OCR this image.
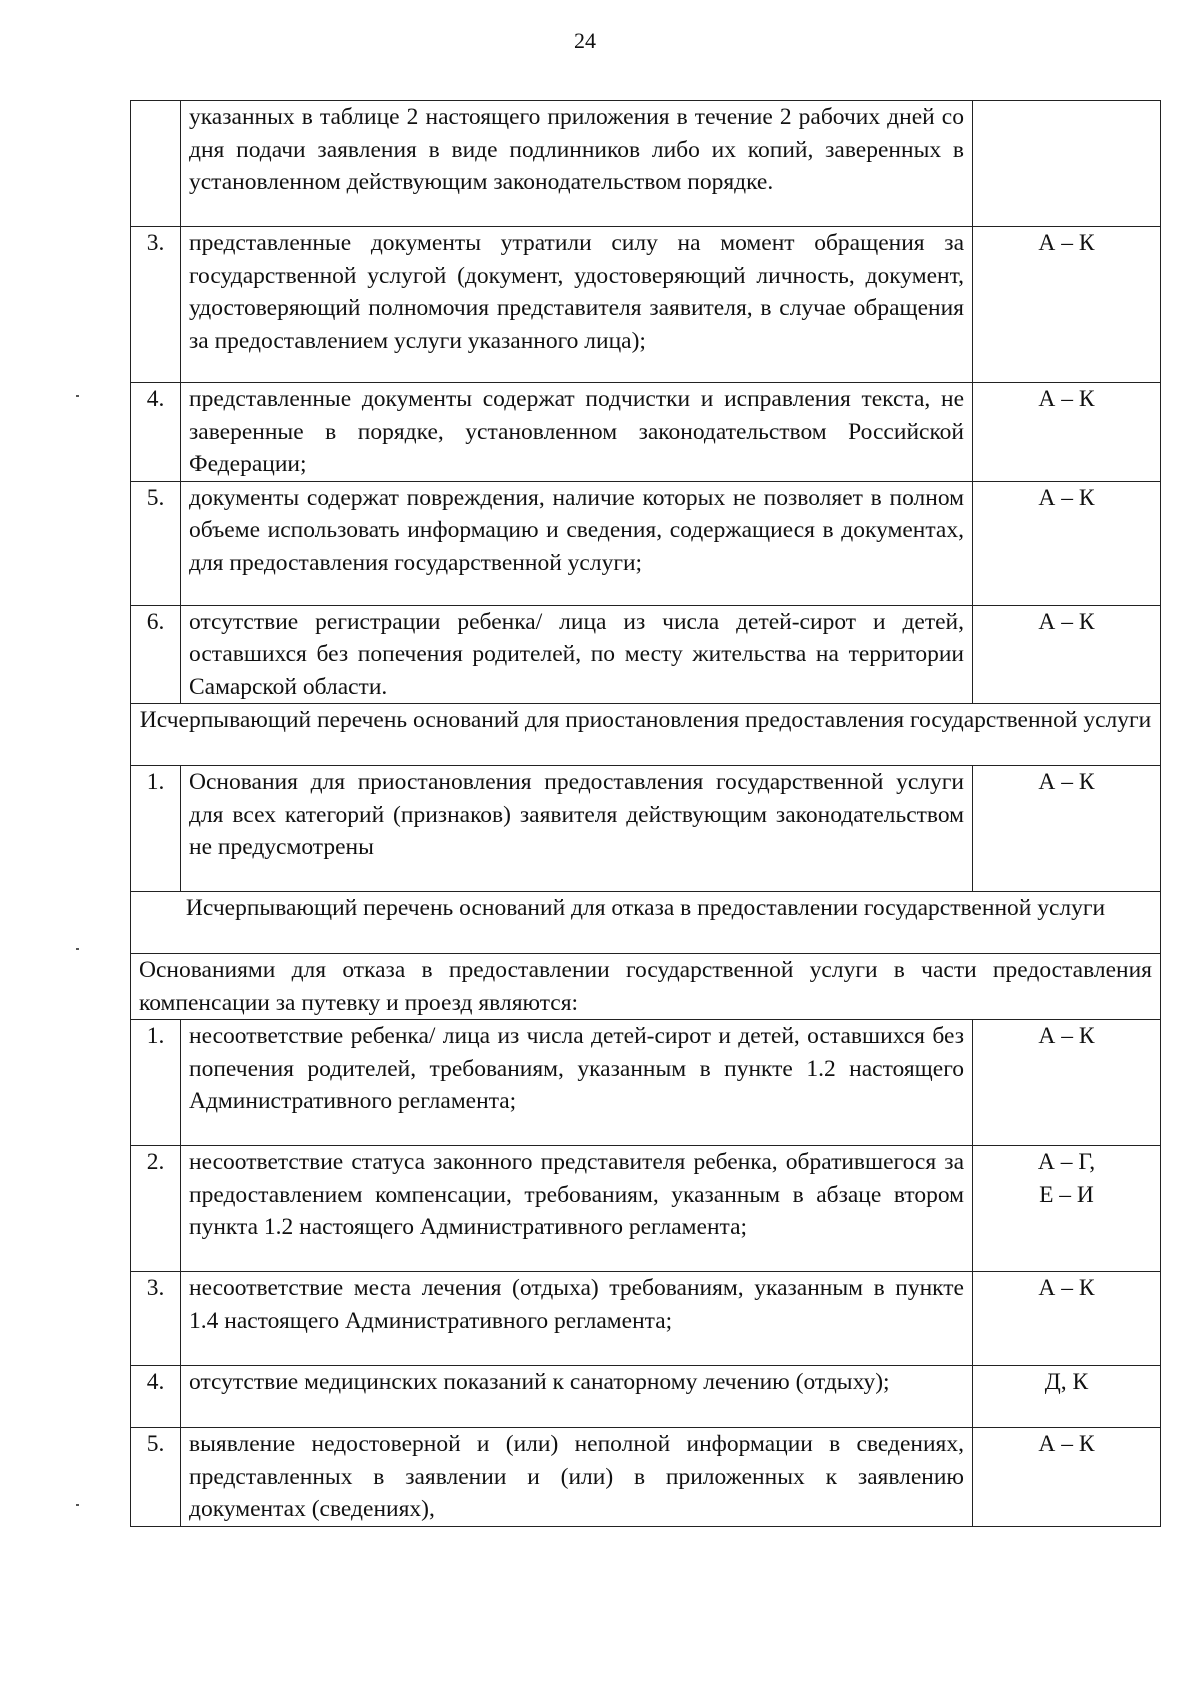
24
	указанных в таблице 2 настоящего приложения в течение 2 рабочих дней со дня подачи заявления в виде подлинников либо их копий, заверенных в установленном действующим законодательством порядке.	
3.	представленные документы утратили силу на момент обращения за государственной услугой (документ, удостоверяющий личность, документ, удостоверяющий полномочия представителя заявителя, в случае обращения за предоставлением услуги указанного лица);	А – К
4.	представленные документы содержат подчистки и исправления текста, не заверенные в порядке, установленном законодательством Российской Федерации;	А – К
5.	документы содержат повреждения, наличие которых не позволяет в полном объеме использовать информацию и сведения, содержащиеся в документах, для предоставления государственной услуги;	А – К
6.	отсутствие регистрации ребенка/ лица из числа детей-сирот и детей, оставшихся без попечения родителей, по месту жительства на территории Самарской области.	А – К
Исчерпывающий перечень оснований для приостановления предоставления государственной услуги		
1.	Основания для приостановления предоставления государственной услуги для всех категорий (признаков) заявителя действующим законодательством не предусмотрены	А – К
Исчерпывающий перечень оснований для отказа в предоставлении государственной услуги		
Основаниями для отказа в предоставлении государственной услуги в части предоставления компенсации за путевку и проезд являются:		
1.	несоответствие ребенка/ лица из числа детей-сирот и детей, оставшихся без попечения родителей, требованиям, указанным в пункте 1.2 настоящего Административного регламента;	А – К
2.	несоответствие статуса законного представителя ребенка, обратившегося за предоставлением компенсации, требованиям, указанным в абзаце втором пункта 1.2 настоящего Административного регламента;	А – Г,
Е – И
3.	несоответствие места лечения (отдыха) требованиям, указанным в пункте 1.4 настоящего Административного регламента;	А – К
4.	отсутствие медицинских показаний к санаторному лечению (отдыху);	Д, К
5.	выявление недостоверной и (или) неполной информации в сведениях, представленных в заявлении и (или) в приложенных к заявлению документах (сведениях),	А – К
